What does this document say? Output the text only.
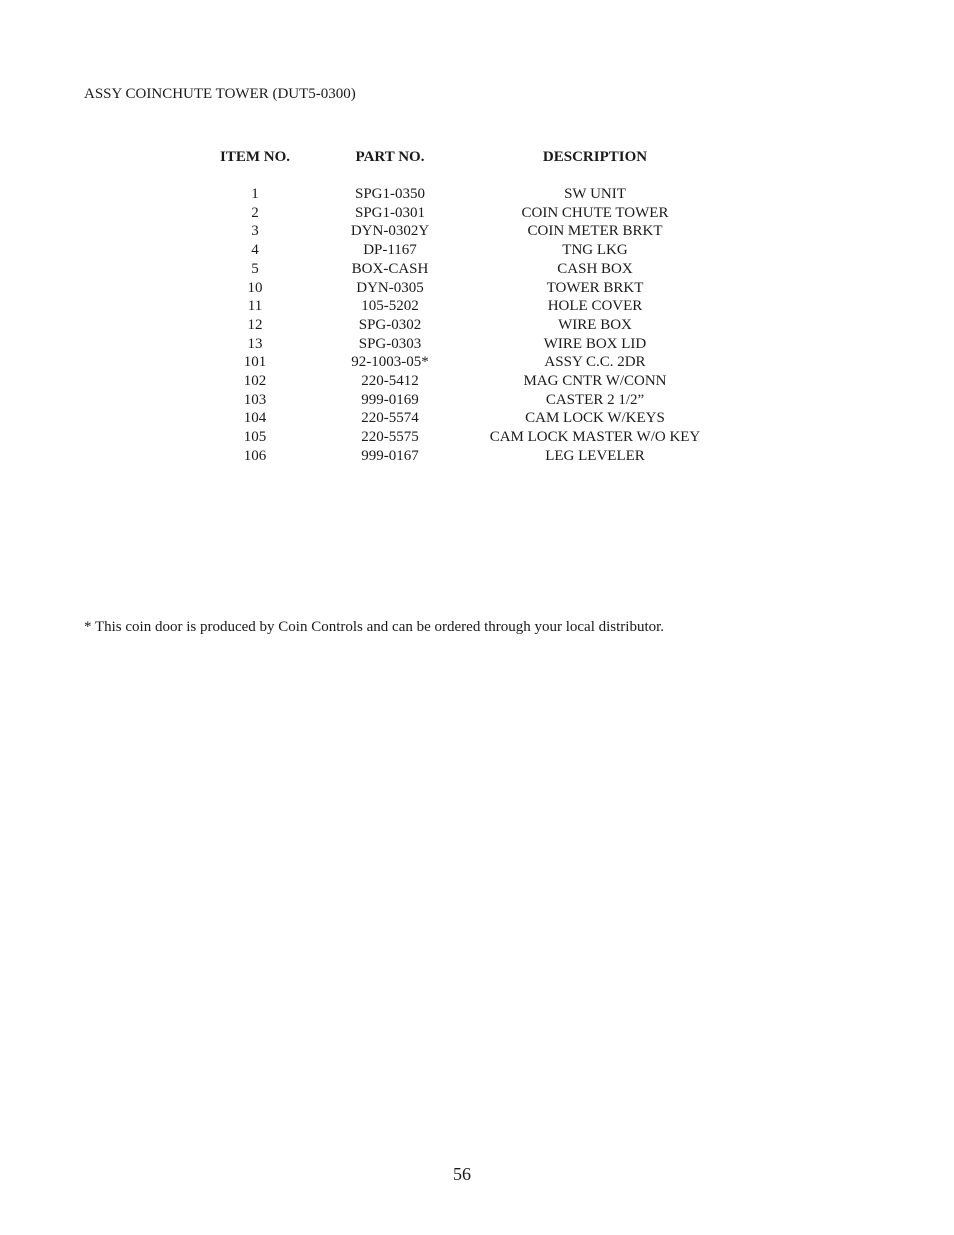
ASSY COINCHUTE TOWER (DUT5-0300)
ITEM NO.	PART NO.	DESCRIPTION

1	SPG1-0350	SW UNIT
2	SPG1-0301	COIN CHUTE TOWER
3	DYN-0302Y	COIN METER BRKT
4	DP-1167	TNG LKG
5	BOX-CASH	CASH BOX
10	DYN-0305	TOWER BRKT
11	105-5202	HOLE COVER
12	SPG-0302	WIRE BOX
13	SPG-0303	WIRE BOX LID
101	92-1003-05*	ASSY C.C. 2DR
102	220-5412	MAG CNTR W/CONN
103	999-0169	CASTER 2 1/2”
104	220-5574	CAM LOCK W/KEYS
105	220-5575	CAM LOCK MASTER W/O KEY
106	999-0167	LEG LEVELER
* This coin door is produced by Coin Controls and can be ordered through your local distributor.
56
